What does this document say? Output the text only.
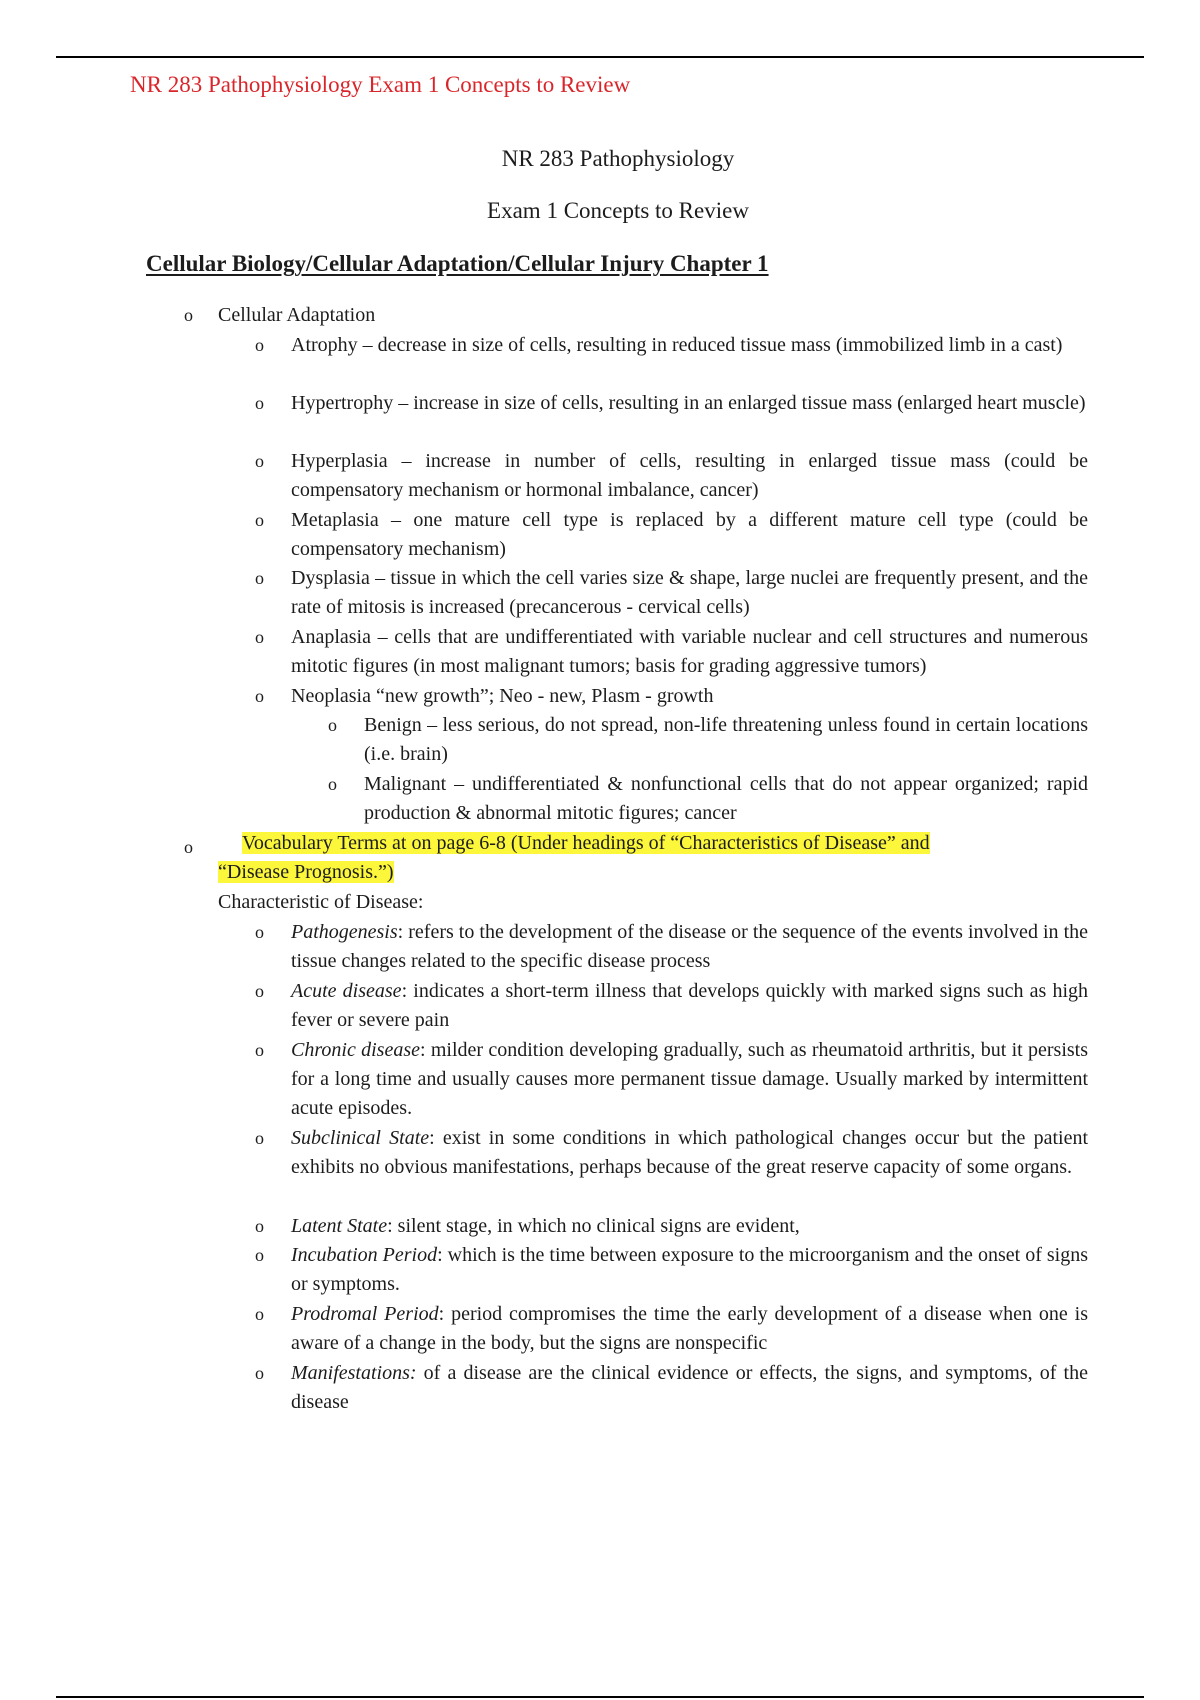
NR 283 Pathophysiology Exam 1 Concepts to Review
NR 283 Pathophysiology
Exam 1 Concepts to Review
Cellular Biology/Cellular Adaptation/Cellular Injury Chapter 1
o Cellular Adaptation
o Atrophy – decrease in size of cells, resulting in reduced tissue mass (immobilized limb in a cast)
o Hypertrophy – increase in size of cells, resulting in an enlarged tissue mass (enlarged heart muscle)
o Hyperplasia – increase in number of cells, resulting in enlarged tissue mass (could be compensatory mechanism or hormonal imbalance, cancer)
o Metaplasia – one mature cell type is replaced by a different mature cell type (could be compensatory mechanism)
o Dysplasia – tissue in which the cell varies size & shape, large nuclei are frequently present, and the rate of mitosis is increased (precancerous - cervical cells)
o Anaplasia – cells that are undifferentiated with variable nuclear and cell structures and numerous mitotic figures (in most malignant tumors; basis for grading aggressive tumors)
o Neoplasia “new growth”; Neo - new, Plasm - growth
o Benign – less serious, do not spread, non-life threatening unless found in certain locations (i.e. brain)
o Malignant – undifferentiated & nonfunctional cells that do not appear organized; rapid production & abnormal mitotic figures; cancer
o	Vocabulary Terms at on page 6-8 (Under headings of “Characteristics of Disease” and
“Disease Prognosis.”)
Characteristic of Disease:
o Pathogenesis: refers to the development of the disease or the sequence of the events involved in the tissue changes related to the specific disease process
o Acute disease: indicates a short-term illness that develops quickly with marked signs such as high fever or severe pain
o Chronic disease: milder condition developing gradually, such as rheumatoid arthritis, but it persists for a long time and usually causes more permanent tissue damage. Usually marked by intermittent acute episodes.
o Subclinical State: exist in some conditions in which pathological changes occur but the patient exhibits no obvious manifestations, perhaps because of the great reserve capacity of some organs.
o Latent State: silent stage, in which no clinical signs are evident,
o Incubation Period: which is the time between exposure to the microorganism and the onset of signs or symptoms.
o Prodromal Period: period compromises the time the early development of a disease when one is aware of a change in the body, but the signs are nonspecific
o Manifestations: of a disease are the clinical evidence or effects, the signs, and symptoms, of the disease
